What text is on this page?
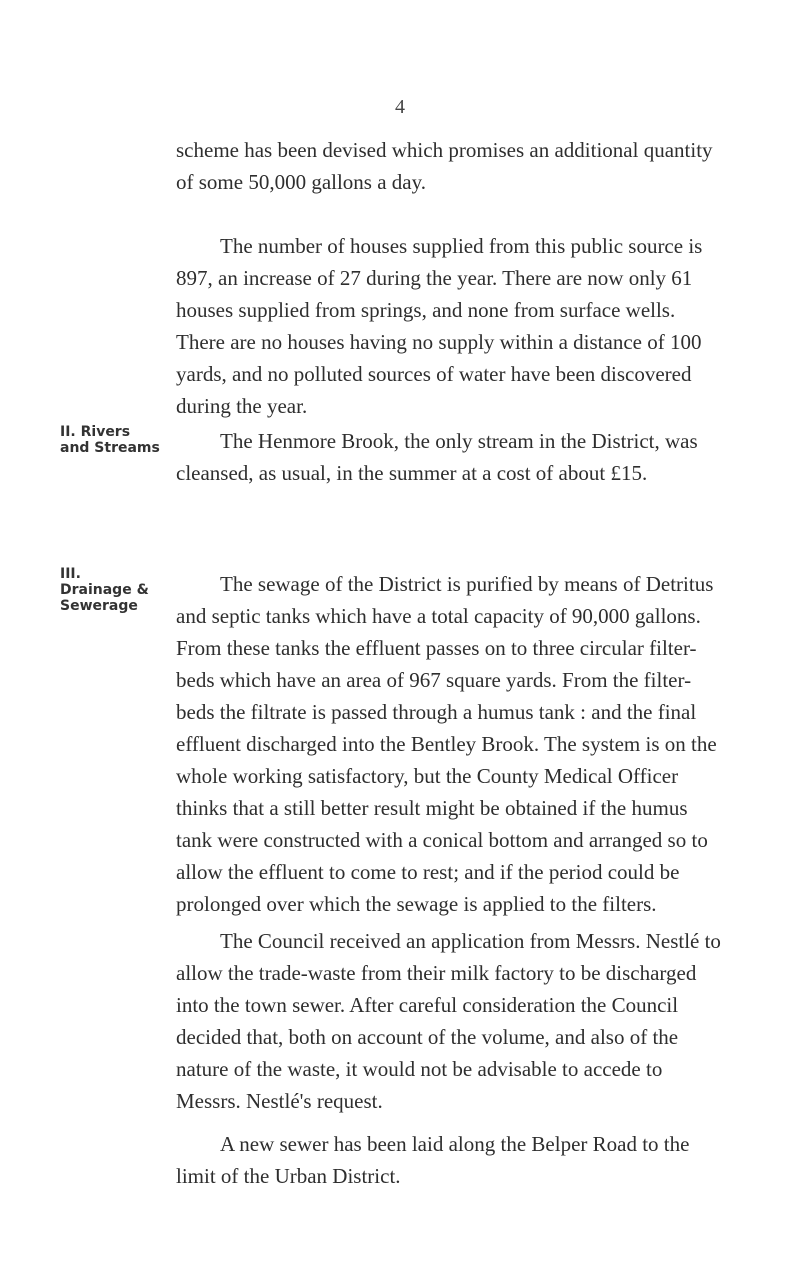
4

scheme has been devised which promises an additional quantity of some 50,000 gallons a day.

The number of houses supplied from this public source is 897, an increase of 27 during the year. There are now only 61 houses supplied from springs, and none from surface wells. There are no houses having no supply within a distance of 100 yards, and no polluted sources of water have been discovered during the year.

II. Rivers
and Streams	The Henmore Brook, the only stream in the District, was cleansed, as usual, in the summer at a cost of about £15.

III.
Drainage &
Sewerage

The sewage of the District is purified by means of Detritus and septic tanks which have a total capacity of 90,000 gallons. From these tanks the effluent passes on to three circular filter-beds which have an area of 967 square yards. From the filter-beds the filtrate is passed through a humus tank : and the final effluent discharged into the Bentley Brook. The system is on the whole working satisfactory, but the County Medical Officer thinks that a still better result might be obtained if the humus tank were constructed with a conical bottom and arranged so to allow the effluent to come to rest; and if the period could be prolonged over which the sewage is applied to the filters.

The Council received an application from Messrs. Nestlé to allow the trade-waste from their milk factory to be discharged into the town sewer. After careful consideration the Council decided that, both on account of the volume, and also of the nature of the waste, it would not be advisable to accede to Messrs. Nestlé's request.

A new sewer has been laid along the Belper Road to the limit of the Urban District.
